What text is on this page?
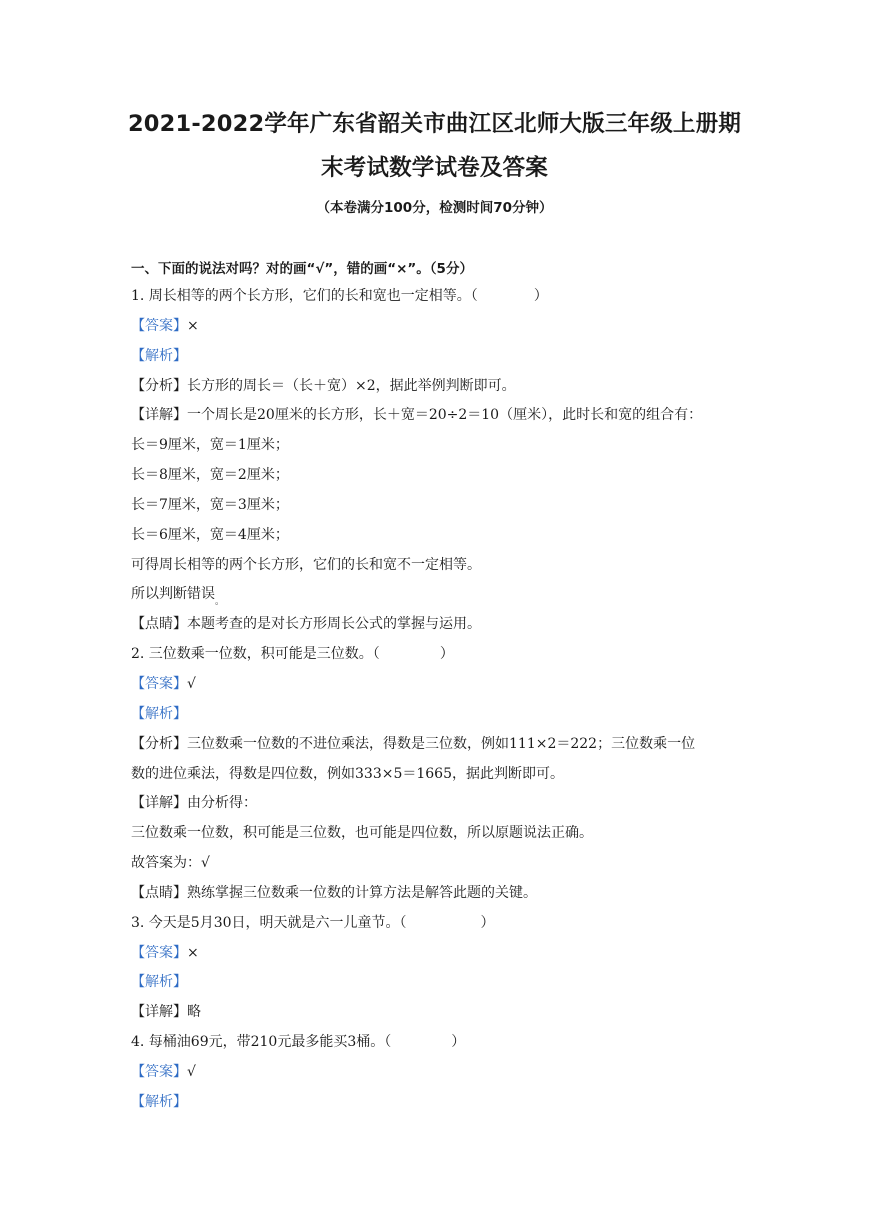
2021-2022学年广东省韶关市曲江区北师大版三年级上册期
末考试数学试卷及答案
（本卷满分100分，检测时间70分钟）
一、下面的说法对吗？对的画“√”，错的画“×”。（5分）
1. 周长相等的两个长方形，它们的长和宽也一定相等。（	）
【答案】×
【解析】
【分析】长方形的周长＝（长＋宽）×2，据此举例判断即可。
【详解】一个周长是20厘米的长方形，长＋宽＝20÷2＝10（厘米），此时长和宽的组合有：
长＝9厘米，宽＝1厘米；
长＝8厘米，宽＝2厘米；
长＝7厘米，宽＝3厘米；
长＝6厘米，宽＝4厘米；
可得周长相等的两个长方形，它们的长和宽不一定相等。
所以判断错误$_。$
【点睛】本题考查的是对长方形周长公式的掌握与运用。
2. 三位数乘一位数，积可能是三位数。（	）
【答案】√
【解析】
【分析】三位数乘一位数的不进位乘法，得数是三位数，例如111×2＝222；三位数乘一位
数的进位乘法，得数是四位数，例如333×5＝1665，据此判断即可。
【详解】由分析得：
三位数乘一位数，积可能是三位数，也可能是四位数，所以原题说法正确。
故答案为：√
【点睛】熟练掌握三位数乘一位数的计算方法是解答此题的关键。
3. 今天是5月30日，明天就是六一儿童节。（	）
【答案】×
【解析】
【详解】略
4. 每桶油69元，带210元最多能买3桶。（	）
【答案】√
【解析】
